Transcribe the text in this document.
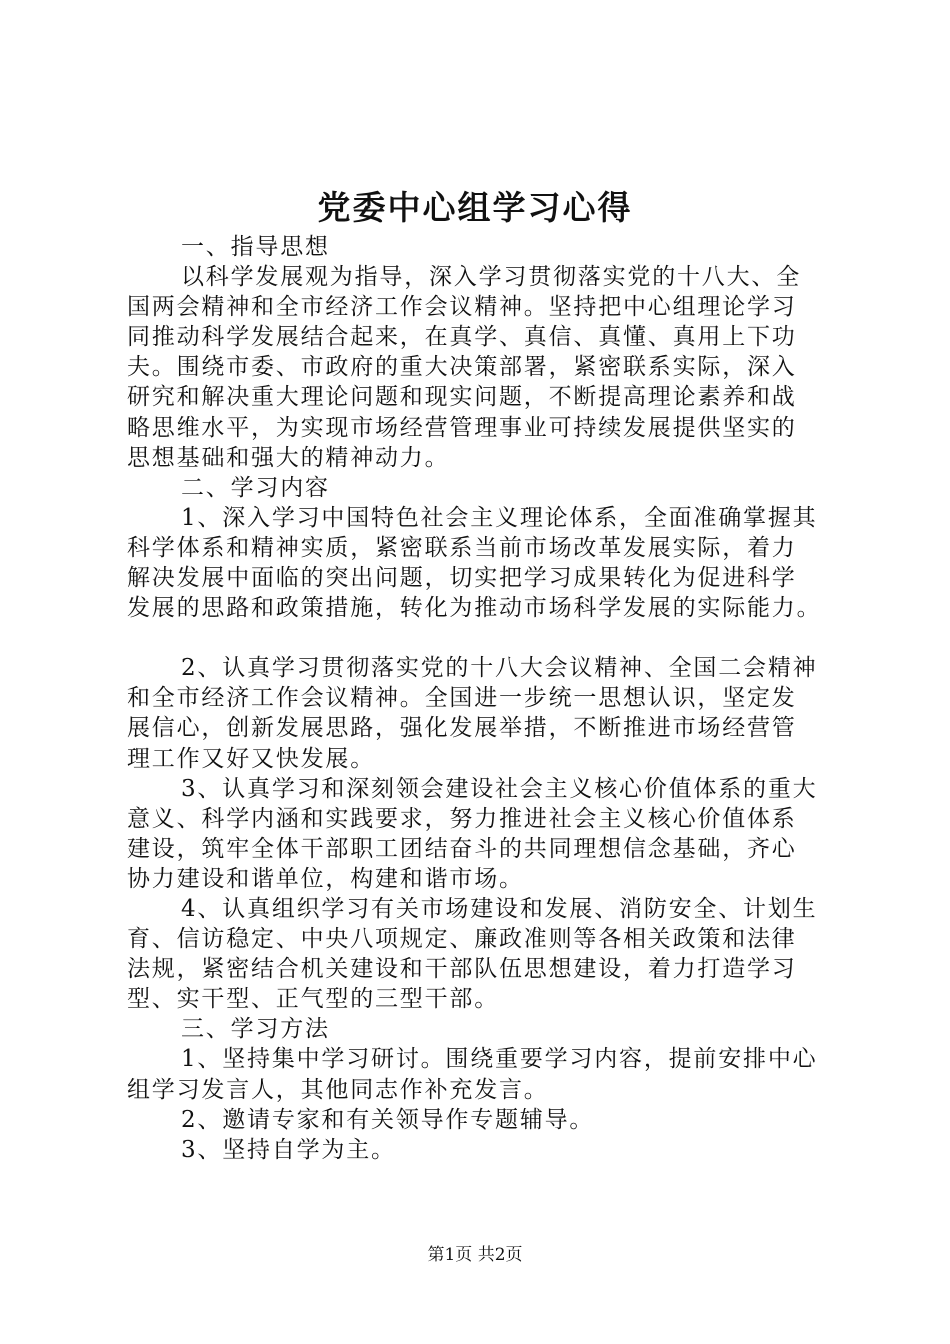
党委中心组学习心得
一、指导思想
以科学发展观为指导，深入学习贯彻落实党的十八大、全
国两会精神和全市经济工作会议精神。坚持把中心组理论学习
同推动科学发展结合起来，在真学、真信、真懂、真用上下功
夫。围绕市委、市政府的重大决策部署，紧密联系实际，深入
研究和解决重大理论问题和现实问题，不断提高理论素养和战
略思维水平，为实现市场经营管理事业可持续发展提供坚实的
思想基础和强大的精神动力。
二、学习内容
1、深入学习中国特色社会主义理论体系，全面准确掌握其
科学体系和精神实质，紧密联系当前市场改革发展实际，着力
解决发展中面临的突出问题，切实把学习成果转化为促进科学
发展的思路和政策措施，转化为推动市场科学发展的实际能力。
2、认真学习贯彻落实党的十八大会议精神、全国二会精神
和全市经济工作会议精神。全国进一步统一思想认识，坚定发
展信心，创新发展思路，强化发展举措，不断推进市场经营管
理工作又好又快发展。
3、认真学习和深刻领会建设社会主义核心价值体系的重大
意义、科学内涵和实践要求，努力推进社会主义核心价值体系
建设，筑牢全体干部职工团结奋斗的共同理想信念基础，齐心
协力建设和谐单位，构建和谐市场。
4、认真组织学习有关市场建设和发展、消防安全、计划生
育、信访稳定、中央八项规定、廉政准则等各相关政策和法律
法规，紧密结合机关建设和干部队伍思想建设，着力打造学习
型、实干型、正气型的三型干部。
三、学习方法
1、坚持集中学习研讨。围绕重要学习内容，提前安排中心
组学习发言人，其他同志作补充发言。
2、邀请专家和有关领导作专题辅导。
3、坚持自学为主。
第1页 共2页
